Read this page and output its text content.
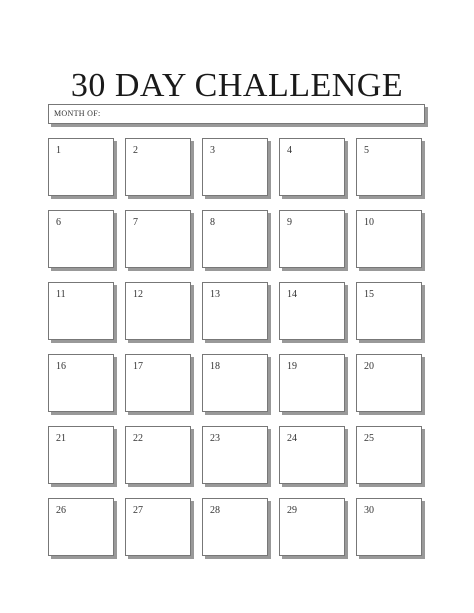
30 DAY CHALLENGE
MONTH OF:
1	2	3	4	5
6	7	8	9	10
11	12	13	14	15
16	17	18	19	20
21	22	23	24	25
26	27	28	29	30
